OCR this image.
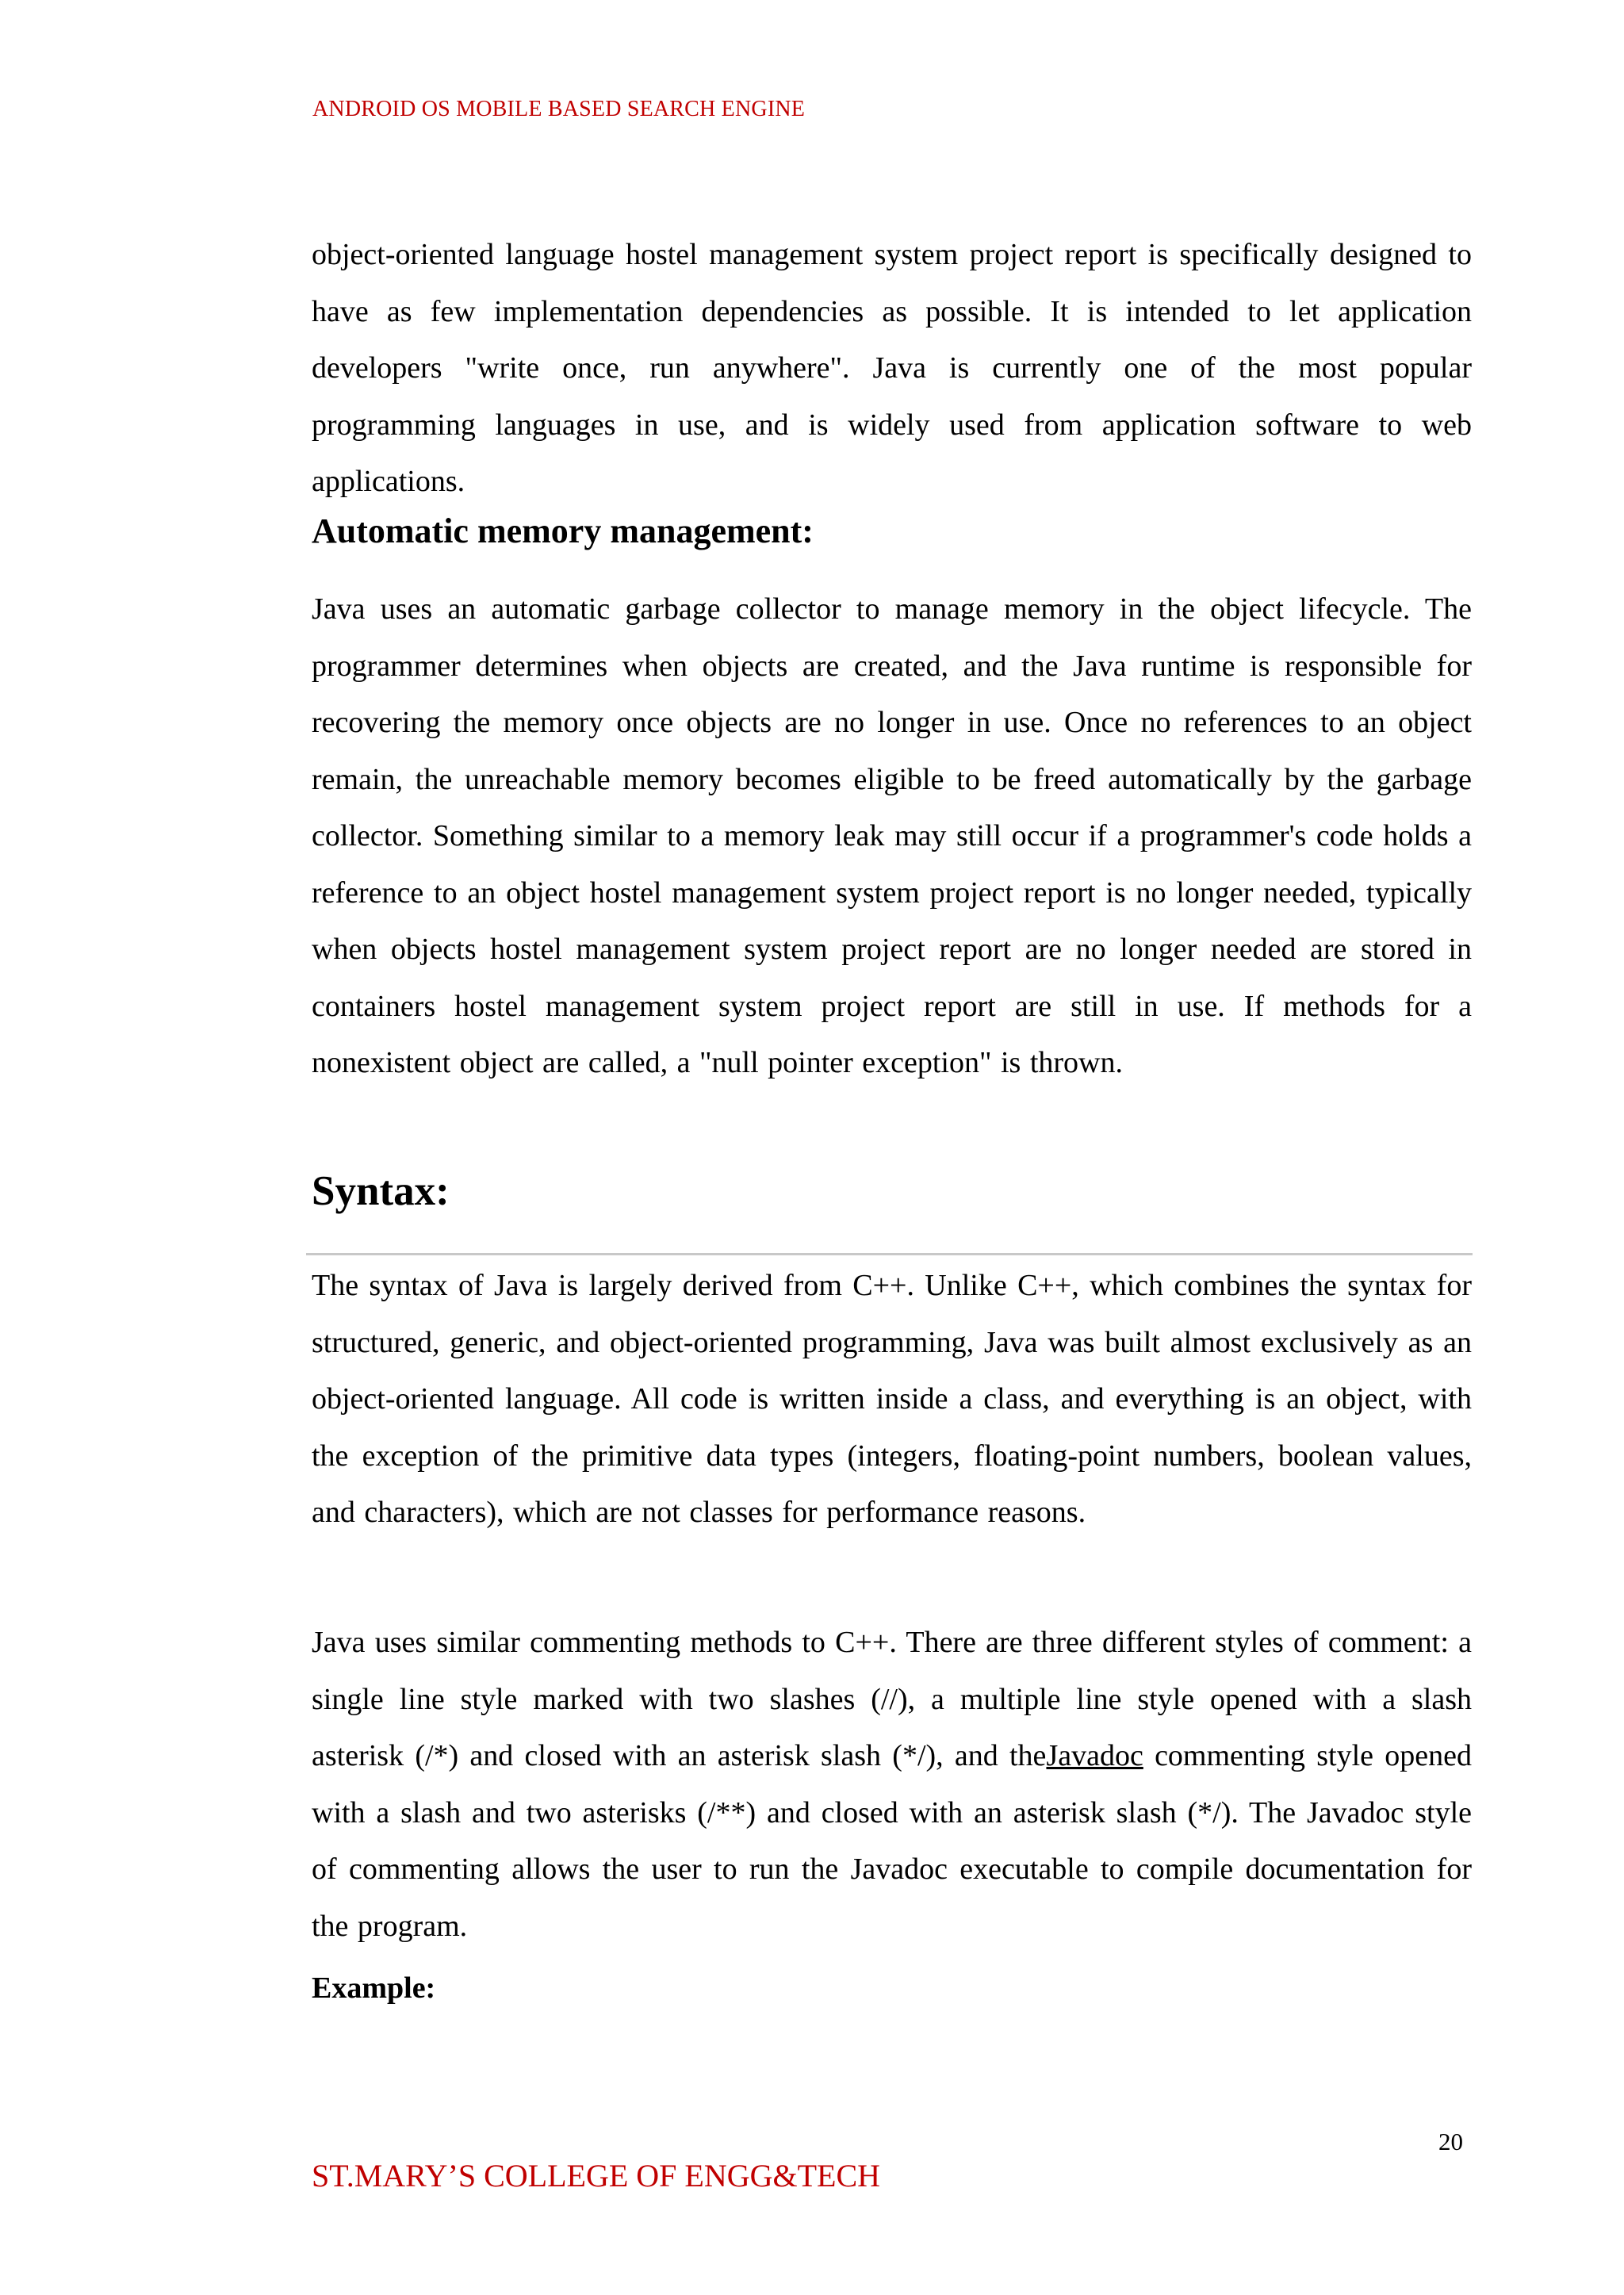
ANDROID OS MOBILE BASED SEARCH ENGINE

object-oriented language hostel management system project report is specifically designed to have as few implementation dependencies as possible. It is intended to let application developers "write once, run anywhere". Java is currently one of the most popular programming languages in use, and is widely used from application software to web applications.

Automatic memory management:

Java uses an automatic garbage collector to manage memory in the object lifecycle. The programmer determines when objects are created, and the Java runtime is responsible for recovering the memory once objects are no longer in use. Once no references to an object remain, the unreachable memory becomes eligible to be freed automatically by the garbage collector. Something similar to a memory leak may still occur if a programmer's code holds a reference to an object hostel management system project report is no longer needed, typically when objects hostel management system project report are no longer needed are stored in containers hostel management system project report are still in use. If methods for a nonexistent object are called, a "null pointer exception" is thrown.

Syntax:

The syntax of Java is largely derived from C++. Unlike C++, which combines the syntax for structured, generic, and object-oriented programming, Java was built almost exclusively as an object-oriented language. All code is written inside a class, and everything is an object, with the exception of the primitive data types (integers, floating-point numbers, boolean values, and characters), which are not classes for performance reasons.

Java uses similar commenting methods to C++. There are three different styles of comment: a single line style marked with two slashes (//), a multiple line style opened with a slash asterisk (/*) and closed with an asterisk slash (*/), and theJavadoc commenting style opened with a slash and two asterisks (/**) and closed with an asterisk slash (*/). The Javadoc style of commenting allows the user to run the Javadoc executable to compile documentation for the program.

Example:

20
ST.MARY’S COLLEGE OF ENGG&TECH
